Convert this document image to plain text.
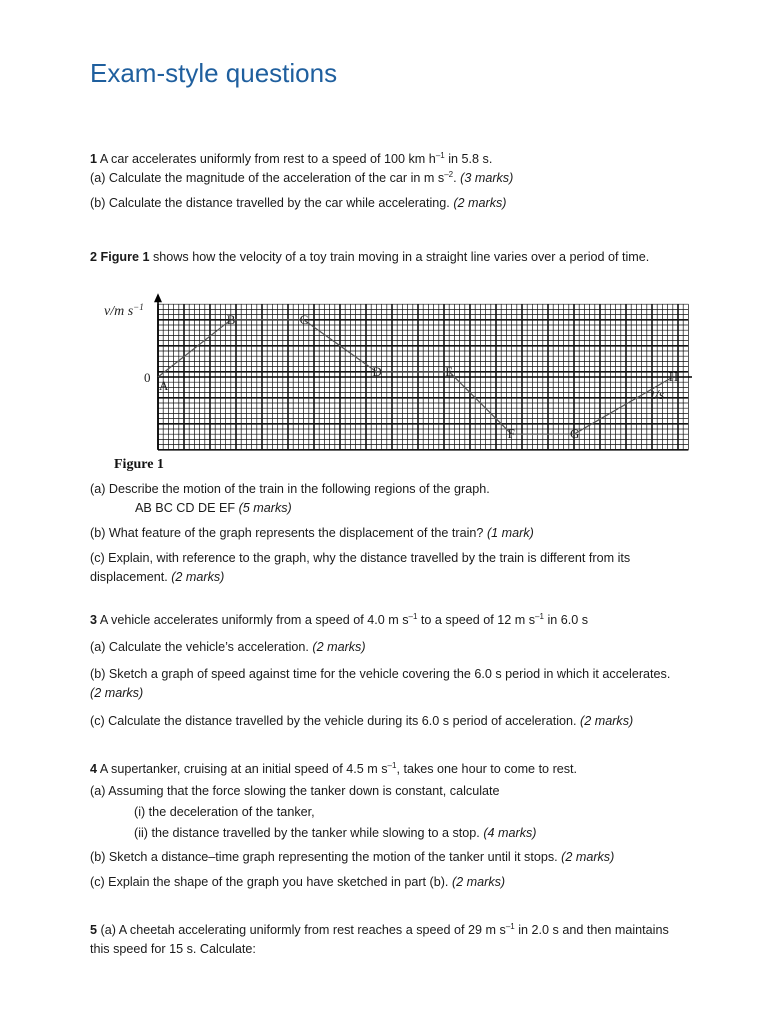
Exam-style questions
1 A car accelerates uniformly from rest to a speed of 100 km $h^{-1}$ in 5.8 s.
(a) Calculate the magnitude of the acceleration of the car in m $s^{-2}$. (3 marks)
(b) Calculate the distance travelled by the car while accelerating. (2 marks)
2 Figure 1 shows how the velocity of a toy train moving in a straight line varies over a period of time.
A
B	C
D	E
F	G
H
v/m $s^{-1}$
0
t/s
Figure 1
(a) Describe the motion of the train in the following regions of the graph.
AB BC CD DE EF (5 marks)
(b) What feature of the graph represents the displacement of the train? (1 mark)
(c) Explain, with reference to the graph, why the distance travelled by the train is different from its displacement. (2 marks)
3 A vehicle accelerates uniformly from a speed of 4.0 m $s^{-1}$ to a speed of 12 m $s^{-1}$ in 6.0 s
(a) Calculate the vehicle’s acceleration. (2 marks)
(b) Sketch a graph of speed against time for the vehicle covering the 6.0 s period in which it accelerates. (2 marks)
(c) Calculate the distance travelled by the vehicle during its 6.0 s period of acceleration. (2 marks)
4 A supertanker, cruising at an initial speed of 4.5 m $s^{-1}$, takes one hour to come to rest.
(a) Assuming that the force slowing the tanker down is constant, calculate
(i) the deceleration of the tanker,
(ii) the distance travelled by the tanker while slowing to a stop. (4 marks)
(b) Sketch a distance–time graph representing the motion of the tanker until it stops. (2 marks)
(c) Explain the shape of the graph you have sketched in part (b). (2 marks)
5 (a) A cheetah accelerating uniformly from rest reaches a speed of 29 m $s^{-1}$ in 2.0 s and then maintains this speed for 15 s. Calculate:
